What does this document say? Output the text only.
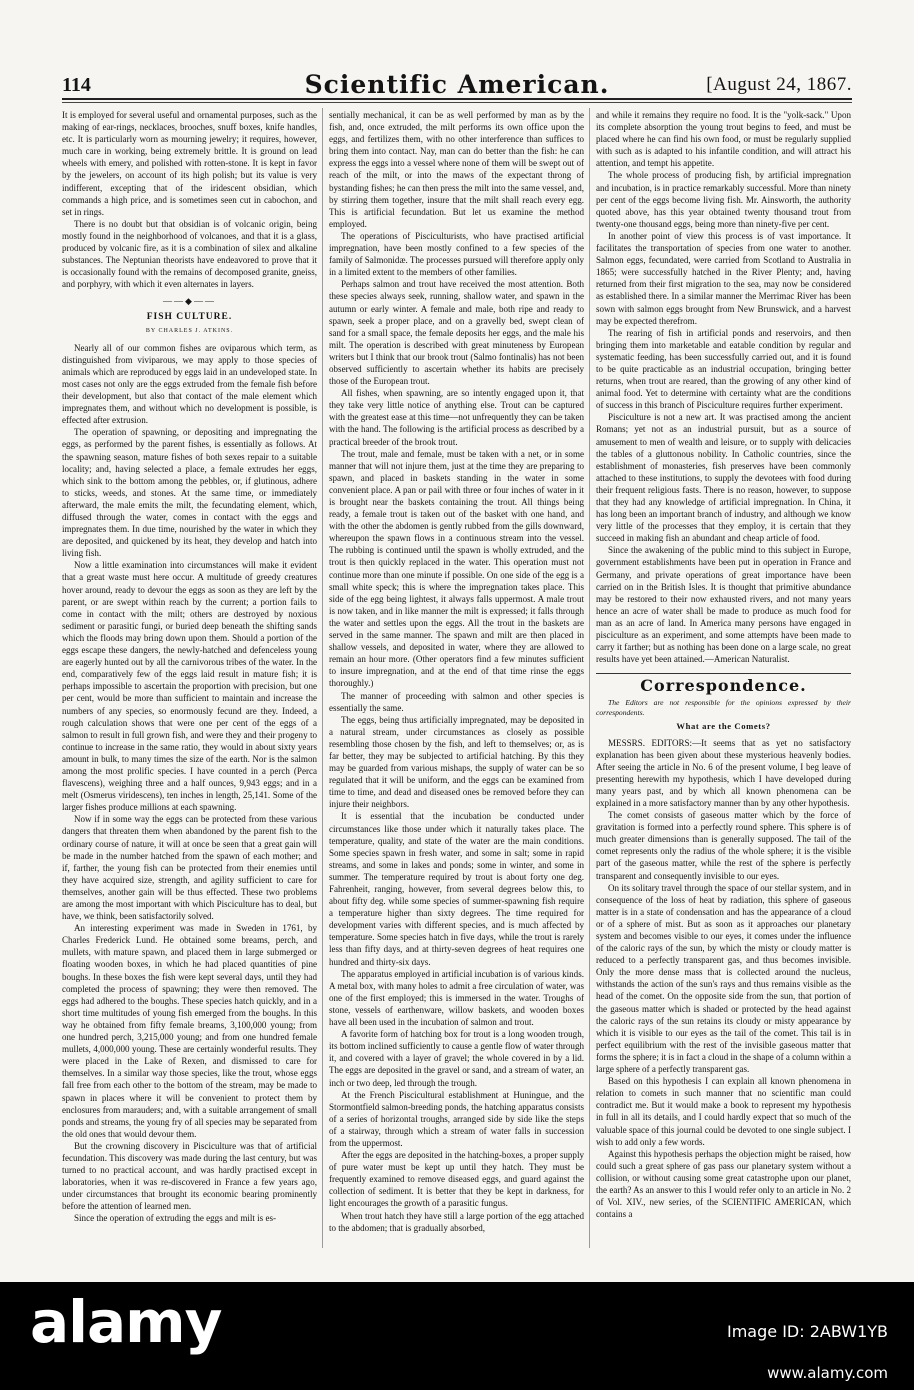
114	Scientific American.	[August 24, 1867.

It is employed for several useful and ornamental purposes, such as the making of ear-rings, necklaces, brooches, snuff boxes, knife handles, etc. It is particularly worn as mourning jewelry; it requires, however, much care in working, being extremely brittle. It is ground on lead wheels with emery, and polished with rotten-stone. It is kept in favor by the jewelers, on account of its high polish; but its value is very indifferent, excepting that of the iridescent obsidian, which commands a high price, and is sometimes seen cut in cabochon, and set in rings.

There is no doubt but that obsidian is of volcanic origin, being mostly found in the neighborhood of volcanoes, and that it is a glass, produced by volcanic fire, as it is a combination of silex and alkaline substances. The Neptunian theorists have endeavored to prove that it is occasionally found with the remains of decomposed granite, gneiss, and porphyry, with which it even alternates in layers.

——◆——
FISH CULTURE.
BY CHARLES J. ATKINS.

Nearly all of our common fishes are oviparous which term, as distinguished from viviparous, we may apply to those species of animals which are reproduced by eggs laid in an undeveloped state. In most cases not only are the eggs extruded from the female fish before their development, but also that contact of the male element which impregnates them, and without which no development is possible, is effected after extrusion.

The operation of spawning, or depositing and impregnating the eggs, as performed by the parent fishes, is essentially as follows. At the spawning season, mature fishes of both sexes repair to a suitable locality; and, having selected a place, a female extrudes her eggs, which sink to the bottom among the pebbles, or, if glutinous, adhere to sticks, weeds, and stones. At the same time, or immediately afterward, the male emits the milt, the fecundating element, which, diffused through the water, comes in contact with the eggs and impregnates them. In due time, nourished by the water in which they are deposited, and quickened by its heat, they develop and hatch into living fish.

Now a little examination into circumstances will make it evident that a great waste must here occur. A multitude of greedy creatures hover around, ready to devour the eggs as soon as they are left by the parent, or are swept within reach by the current; a portion fails to come in contact with the milt; others are destroyed by noxious sediment or parasitic fungi, or buried deep beneath the shifting sands which the floods may bring down upon them. Should a portion of the eggs escape these dangers, the newly-hatched and defenceless young are eagerly hunted out by all the carnivorous tribes of the water. In the end, comparatively few of the eggs laid result in mature fish; it is perhaps impossible to ascertain the proportion with precision, but one per cent, would be more than sufficient to maintain and increase the numbers of any species, so enormously fecund are they. Indeed, a rough calculation shows that were one per cent of the eggs of a salmon to result in full grown fish, and were they and their progeny to continue to increase in the same ratio, they would in about sixty years amount in bulk, to many times the size of the earth. Nor is the salmon among the most prolific species. I have counted in a perch (Perca flavescens), weighing three and a half ounces, 9,943 eggs; and in a melt (Osmerus viridescens), ten inches in length, 25,141. Some of the larger fishes produce millions at each spawning.

Now if in some way the eggs can be protected from these various dangers that threaten them when abandoned by the parent fish to the ordinary course of nature, it will at once be seen that a great gain will be made in the number hatched from the spawn of each mother; and if, farther, the young fish can be protected from their enemies until they have acquired size, strength, and agility sufficient to care for themselves, another gain will be thus effected. These two problems are among the most important with which Pisciculture has to deal, but have, we think, been satisfactorily solved.

An interesting experiment was made in Sweden in 1761, by Charles Frederick Lund. He obtained some breams, perch, and mullets, with mature spawn, and placed them in large submerged or floating wooden boxes, in which he had placed quantities of pine boughs. In these boxes the fish were kept several days, until they had completed the process of spawning; they were then removed. The eggs had adhered to the boughs. These species hatch quickly, and in a short time multitudes of young fish emerged from the boughs. In this way he obtained from fifty female breams, 3,100,000 young; from one hundred perch, 3,215,000 young; and from one hundred female mullets, 4,000,000 young. These are certainly wonderful results. They were placed in the Lake of Rexen, and dismissed to care for themselves. In a similar way those species, like the trout, whose eggs fall free from each other to the bottom of the stream, may be made to spawn in places where it will be convenient to protect them by enclosures from marauders; and, with a suitable arrangement of small ponds and streams, the young fry of all species may be separated from the old ones that would devour them.

But the crowning discovery in Pisciculture was that of artificial fecundation. This discovery was made during the last century, but was turned to no practical account, and was hardly practised except in laboratories, when it was re-discovered in France a few years ago, under circumstances that brought its economic bearing prominently before the attention of learned men.

Since the operation of extruding the eggs and milt is es-

sentially mechanical, it can be as well performed by man as by the fish, and, once extruded, the milt performs its own office upon the eggs, and fertilizes them, with no other interference than suffices to bring them into contact. Nay, man can do better than the fish: he can express the eggs into a vessel where none of them will be swept out of reach of the milt, or into the maws of the expectant throng of bystanding fishes; he can then press the milt into the same vessel, and, by stirring them together, insure that the milt shall reach every egg. This is artificial fecundation. But let us examine the method employed.

The operations of Pisciculturists, who have practised artificial impregnation, have been mostly confined to a few species of the family of Salmonidæ. The processes pursued will therefore apply only in a limited extent to the members of other families.

Perhaps salmon and trout have received the most attention. Both these species always seek, running, shallow water, and spawn in the autumn or early winter. A female and male, both ripe and ready to spawn, seek a proper place, and on a gravelly bed, swept clean of sand for a small space, the female deposits her eggs, and the male his milt. The operation is described with great minuteness by European writers but I think that our brook trout (Salmo fontinalis) has not been observed sufficiently to ascertain whether its habits are precisely those of the European trout.

All fishes, when spawning, are so intently engaged upon it, that they take very little notice of anything else. Trout can be captured with the greatest ease at this time—not unfrequently they can be taken with the hand. The following is the artificial process as described by a practical breeder of the brook trout.

The trout, male and female, must be taken with a net, or in some manner that will not injure them, just at the time they are preparing to spawn, and placed in baskets standing in the water in some convenient place. A pan or pail with three or four inches of water in it is brought near the baskets containing the trout. All things being ready, a female trout is taken out of the basket with one hand, and with the other the abdomen is gently rubbed from the gills downward, whereupon the spawn flows in a continuous stream into the vessel. The rubbing is continued until the spawn is wholly extruded, and the trout is then quickly replaced in the water. This operation must not continue more than one minute if possible. On one side of the egg is a small white speck; this is where the impregnation takes place. This side of the egg being lightest, it always falls uppermost. A male trout is now taken, and in like manner the milt is expressed; it falls through the water and settles upon the eggs. All the trout in the baskets are served in the same manner. The spawn and milt are then placed in shallow vessels, and deposited in water, where they are allowed to remain an hour more. (Other operators find a few minutes sufficient to insure impregnation, and at the end of that time rinse the eggs thoroughly.)

The manner of proceeding with salmon and other species is essentially the same.

The eggs, being thus artificially impregnated, may be deposited in a natural stream, under circumstances as closely as possible resembling those chosen by the fish, and left to themselves; or, as is far better, they may be subjected to artificial hatching. By this they may be guarded from various mishaps, the supply of water can be so regulated that it will be uniform, and the eggs can be examined from time to time, and dead and diseased ones be removed before they can injure their neighbors.

It is essential that the incubation be conducted under circumstances like those under which it naturally takes place. The temperature, quality, and state of the water are the main conditions. Some species spawn in fresh water, and some in salt; some in rapid streams, and some in lakes and ponds; some in winter, and some in summer. The temperature required by trout is about forty one deg. Fahrenheit, ranging, however, from several degrees below this, to about fifty deg. while some species of summer-spawning fish require a temperature higher than sixty degrees. The time required for development varies with different species, and is much affected by temperature. Some species hatch in five days, while the trout is rarely less than fifty days, and at thirty-seven degrees of heat requires one hundred and thirty-six days.

The apparatus employed in artificial incubation is of various kinds. A metal box, with many holes to admit a free circulation of water, was one of the first employed; this is immersed in the water. Troughs of stone, vessels of earthenware, willow baskets, and wooden boxes have all been used in the incubation of salmon and trout.

A favorite form of hatching box for trout is a long wooden trough, its bottom inclined sufficiently to cause a gentle flow of water through it, and covered with a layer of gravel; the whole covered in by a lid. The eggs are deposited in the gravel or sand, and a stream of water, an inch or two deep, led through the trough.

At the French Piscicultural establishment at Huningue, and the Stormontfield salmon-breeding ponds, the hatching apparatus consists of a series of horizontal troughs, arranged side by side like the steps of a stairway, through which a stream of water falls in succession from the uppermost.

After the eggs are deposited in the hatching-boxes, a proper supply of pure water must be kept up until they hatch. They must be frequently examined to remove diseased eggs, and guard against the collection of sediment. It is better that they be kept in darkness, for light encourages the growth of a parasitic fungus.

When trout hatch they have still a large portion of the egg attached to the abdomen; that is gradually absorbed,

and while it remains they require no food. It is the "yolk-sack." Upon its complete absorption the young trout begins to feed, and must be placed where he can find his own food, or must be regularly supplied with such as is adapted to his infantile condition, and will attract his attention, and tempt his appetite.

The whole process of producing fish, by artificial impregnation and incubation, is in practice remarkably successful. More than ninety per cent of the eggs become living fish. Mr. Ainsworth, the authority quoted above, has this year obtained twenty thousand trout from twenty-one thousand eggs, being more than ninety-five per cent.

In another point of view this process is of vast importance. It facilitates the transportation of species from one water to another. Salmon eggs, fecundated, were carried from Scotland to Australia in 1865; were successfully hatched in the River Plenty; and, having returned from their first migration to the sea, may now be considered as established there. In a similar manner the Merrimac River has been sown with salmon eggs brought from New Brunswick, and a harvest may be expected therefrom.

The rearing of fish in artificial ponds and reservoirs, and then bringing them into marketable and eatable condition by regular and systematic feeding, has been successfully carried out, and it is found to be quite practicable as an industrial occupation, bringing better returns, when trout are reared, than the growing of any other kind of animal food. Yet to determine with certainty what are the conditions of success in this branch of Pisciculture requires further experiment.

Pisciculture is not a new art. It was practised among the ancient Romans; yet not as an industrial pursuit, but as a source of amusement to men of wealth and leisure, or to supply with delicacies the tables of a gluttonous nobility. In Catholic countries, since the establishment of monasteries, fish preserves have been commonly attached to these institutions, to supply the devotees with food during their frequent religious fasts. There is no reason, however, to suppose that they had any knowledge of artificial impregnation. In China, it has long been an important branch of industry, and although we know very little of the processes that they employ, it is certain that they succeed in making fish an abundant and cheap article of food.

Since the awakening of the public mind to this subject in Europe, government establishments have been put in operation in France and Germany, and private operations of great importance have been carried on in the British Isles. It is thought that primitive abundance may be restored to their now exhausted rivers, and not many years hence an acre of water shall be made to produce as much food for man as an acre of land. In America many persons have engaged in pisciculture as an experiment, and some attempts have been made to carry it farther; but as nothing has been done on a large scale, no great results have yet been attained.—American Naturalist.

Correspondence.

The Editors are not responsible for the opinions expressed by their correspondents.

What are the Comets?

MESSRS. EDITORS:—It seems that as yet no satisfactory explanation has been given about these mysterious heavenly bodies. After seeing the article in No. 6 of the present volume, I beg leave of presenting herewith my hypothesis, which I have developed during many years past, and by which all known phenomena can be explained in a more satisfactory manner than by any other hypothesis.

The comet consists of gaseous matter which by the force of gravitation is formed into a perfectly round sphere. This sphere is of much greater dimensions than is generally supposed. The tail of the comet represents only the radius of the whole sphere; it is the visible part of the gaseous matter, while the rest of the sphere is perfectly transparent and consequently invisible to our eyes.

On its solitary travel through the space of our stellar system, and in consequence of the loss of heat by radiation, this sphere of gaseous matter is in a state of condensation and has the appearance of a cloud or of a sphere of mist. But as soon as it approaches our planetary system and becomes visible to our eyes, it comes under the influence of the caloric rays of the sun, by which the misty or cloudy matter is reduced to a perfectly transparent gas, and thus becomes invisible. Only the more dense mass that is collected around the nucleus, withstands the action of the sun's rays and thus remains visible as the head of the comet. On the opposite side from the sun, that portion of the gaseous matter which is shaded or protected by the head against the caloric rays of the sun retains its cloudy or misty appearance by which it is visible to our eyes as the tail of the comet. This tail is in perfect equilibrium with the rest of the invisible gaseous matter that forms the sphere; it is in fact a cloud in the shape of a column within a large sphere of a perfectly transparent gas.

Based on this hypothesis I can explain all known phenomena in relation to comets in such manner that no scientific man could contradict me. But it would make a book to represent my hypothesis in full in all its details, and I could hardly expect that so much of the valuable space of this journal could be devoted to one single subject. I wish to add only a few words.

Against this hypothesis perhaps the objection might be raised, how could such a great sphere of gas pass our planetary system without a collision, or without causing some great catastrophe upon our planet, the earth? As an answer to this I would refer only to an article in No. 2 of Vol. XIV., new series, of the SCIENTIFIC AMERICAN, which contains a

alamy	Image ID: 2ABW1YB
www.alamy.com
